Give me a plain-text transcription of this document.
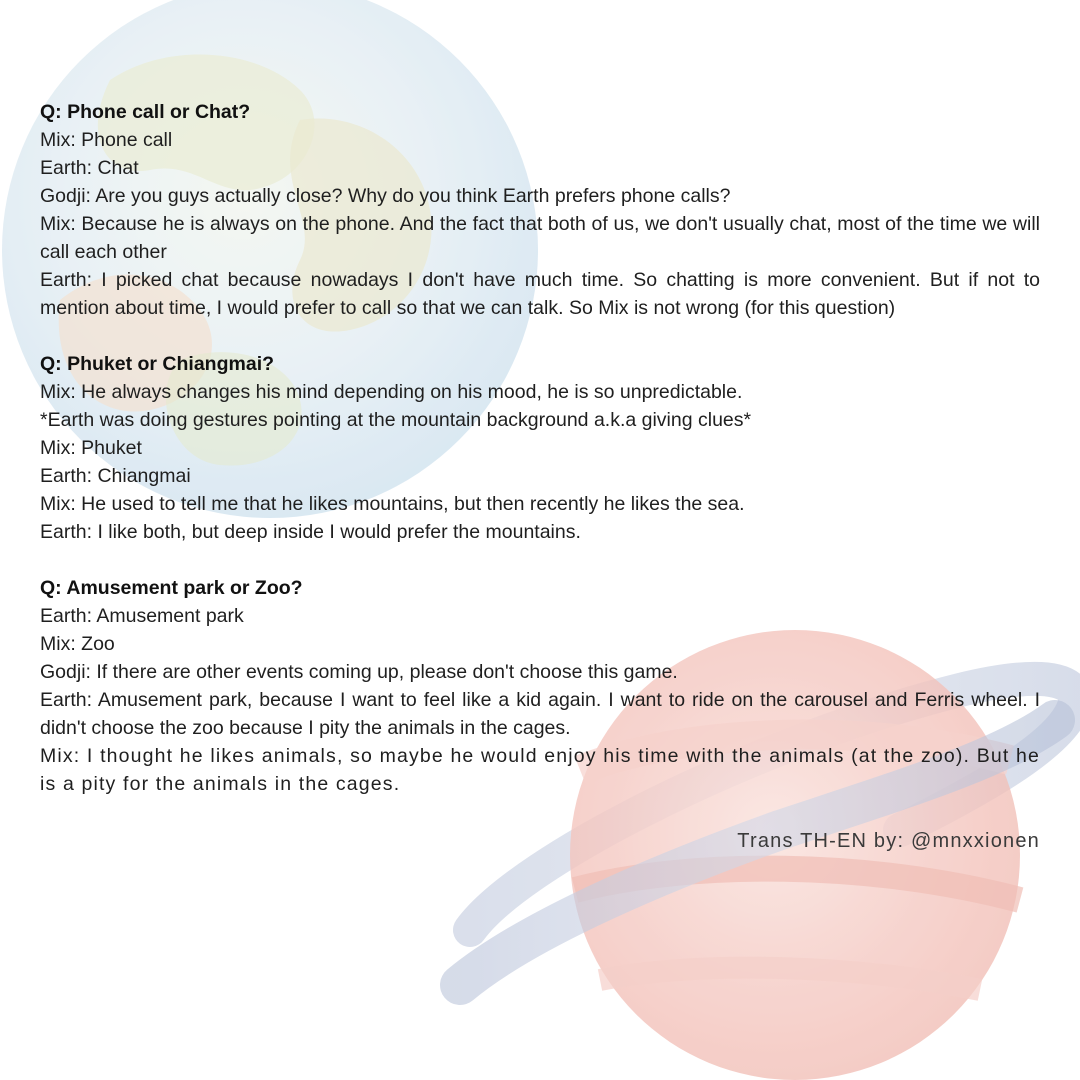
Q: Phone call or Chat?
Mix: Phone call
Earth: Chat
Godji: Are you guys actually close? Why do you think Earth prefers phone calls?
Mix: Because he is always on the phone. And the fact that both of us, we don't usually chat, most of the time we will call each other
Earth: I picked chat because nowadays I don't have much time. So chatting is more convenient. But if not to mention about time, I would prefer to call so that we can talk. So Mix is not wrong (for this question)
Q: Phuket or Chiangmai?
Mix: He always changes his mind depending on his mood, he is so unpredictable.
*Earth was doing gestures pointing at the mountain background a.k.a giving clues*
Mix: Phuket
Earth: Chiangmai
Mix: He used to tell me that he likes mountains, but then recently he likes the sea.
Earth: I like both, but deep inside I would prefer the mountains.
Q: Amusement park or Zoo?
Earth: Amusement park
Mix: Zoo
Godji: If there are other events coming up, please don't choose this game.
Earth: Amusement park, because I want to feel like a kid again. I want to ride on the carousel and Ferris wheel. I didn't choose the zoo because I pity the animals in the cages.
Mix: I thought he likes animals, so maybe he would enjoy his time with the animals (at the zoo). But he is a pity for the animals in the cages.
Trans TH-EN by: @mnxxionen
